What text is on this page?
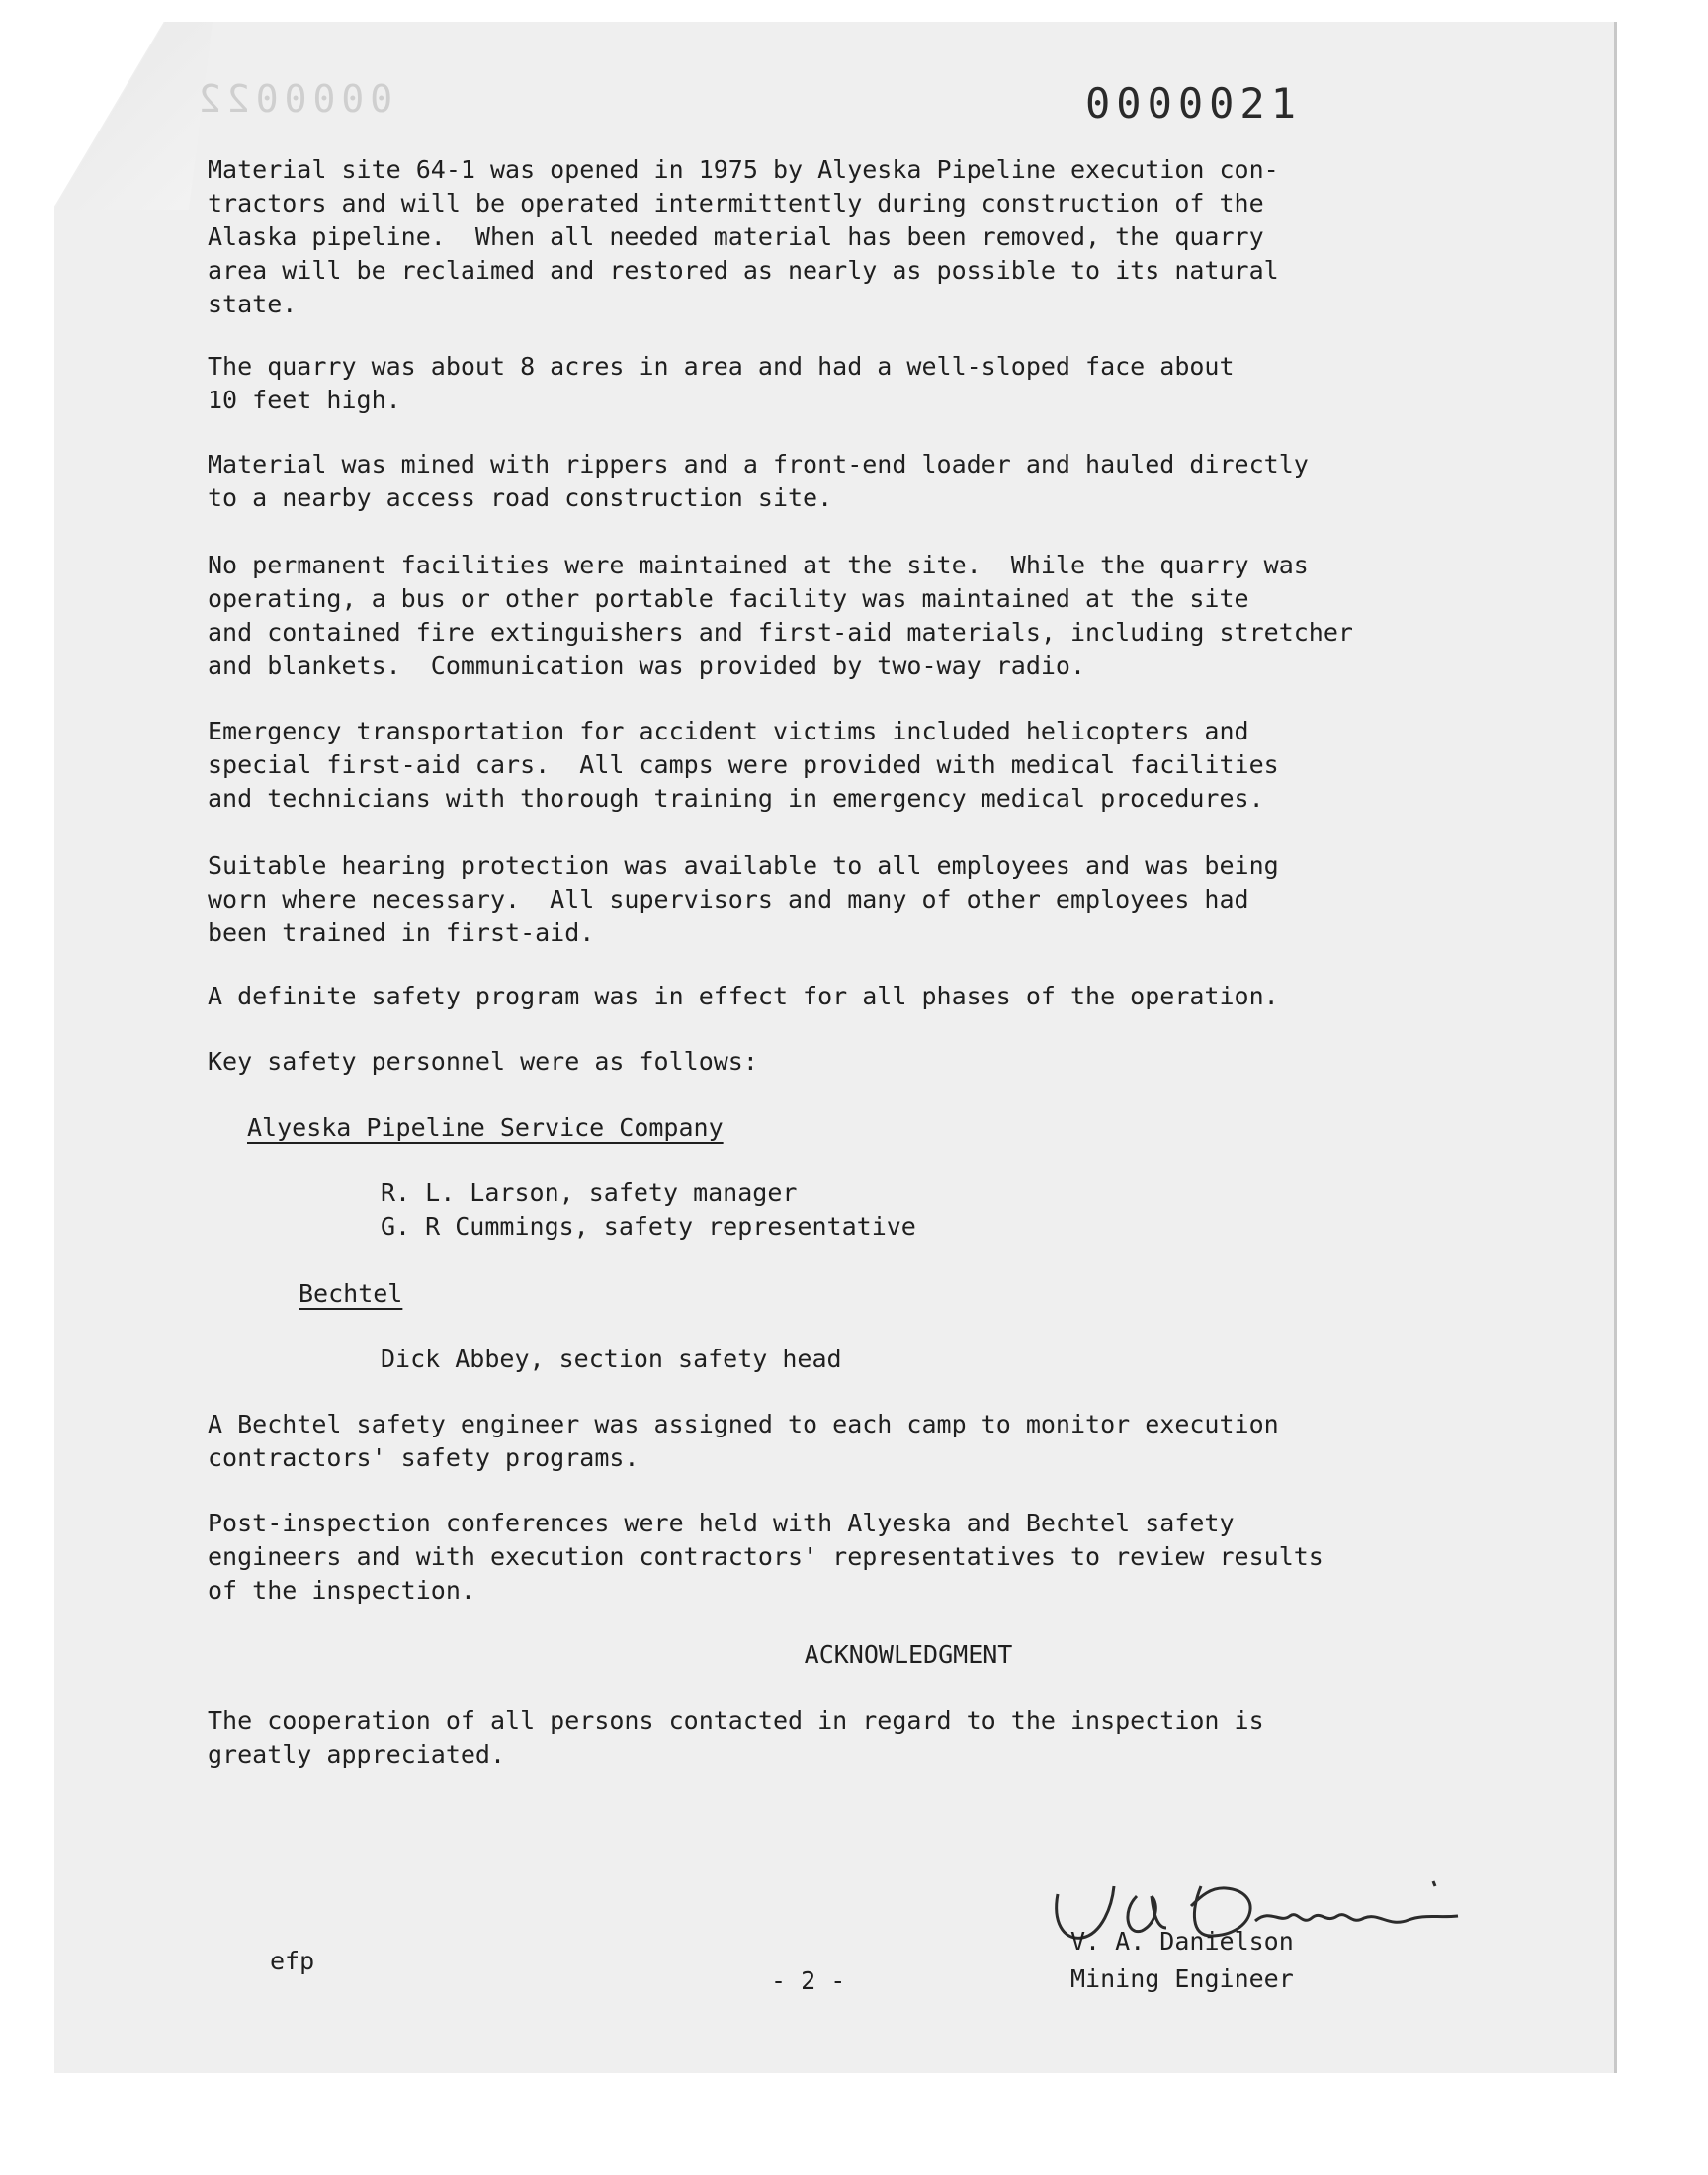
0000022	0000021
Material site 64-1 was opened in 1975 by Alyeska Pipeline execution con-
tractors and will be operated intermittently during construction of the
Alaska pipeline.  When all needed material has been removed, the quarry
area will be reclaimed and restored as nearly as possible to its natural
state.
The quarry was about 8 acres in area and had a well-sloped face about
10 feet high.
Material was mined with rippers and a front-end loader and hauled directly
to a nearby access road construction site.
No permanent facilities were maintained at the site.  While the quarry was
operating, a bus or other portable facility was maintained at the site
and contained fire extinguishers and first-aid materials, including stretcher
and blankets.  Communication was provided by two-way radio.
Emergency transportation for accident victims included helicopters and
special first-aid cars.  All camps were provided with medical facilities
and technicians with thorough training in emergency medical procedures.
Suitable hearing protection was available to all employees and was being
worn where necessary.  All supervisors and many of other employees had
been trained in first-aid.
A definite safety program was in effect for all phases of the operation.
Key safety personnel were as follows:
Alyeska Pipeline Service Company
R. L. Larson, safety manager
G. R Cummings, safety representative
Bechtel
Dick Abbey, section safety head
A Bechtel safety engineer was assigned to each camp to monitor execution
contractors' safety programs.
Post-inspection conferences were held with Alyeska and Bechtel safety
engineers and with execution contractors' representatives to review results
of the inspection.
ACKNOWLEDGMENT
The cooperation of all persons contacted in regard to the inspection is
greatly appreciated.
V. A. Danielson
Mining Engineer
efp
- 2 -
